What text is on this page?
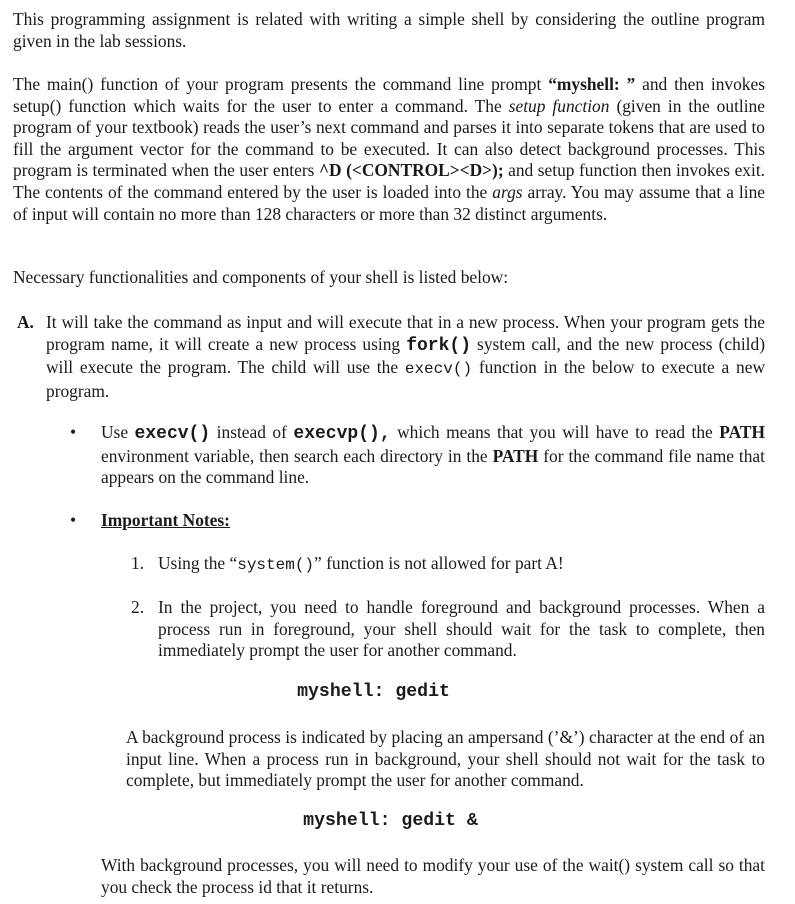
This programming assignment is related with writing a simple shell by considering the outline program given in the lab sessions.

The main() function of your program presents the command line prompt “myshell: ” and then invokes setup() function which waits for the user to enter a command. The setup function (given in the outline program of your textbook) reads the user’s next command and parses it into separate tokens that are used to fill the argument vector for the command to be executed. It can also detect background processes. This program is terminated when the user enters ^D (<CONTROL><D>); and setup function then invokes exit. The contents of the command entered by the user is loaded into the args array. You may assume that a line of input will contain no more than 128 characters or more than 32 distinct arguments.

Necessary functionalities and components of your shell is listed below:

A. It will take the command as input and will execute that in a new process. When your program gets the program name, it will create a new process using fork() system call, and the new process (child) will execute the program. The child will use the execv() function in the below to execute a new program.

• Use execv() instead of execvp(), which means that you will have to read the PATH environment variable, then search each directory in the PATH for the command file name that appears on the command line.

• Important Notes:

1. Using the “system()” function is not allowed for part A!

2. In the project, you need to handle foreground and background processes. When a process run in foreground, your shell should wait for the task to complete, then immediately prompt the user for another command.

myshell: gedit

A background process is indicated by placing an ampersand (’&’) character at the end of an input line. When a process run in background, your shell should not wait for the task to complete, but immediately prompt the user for another command.

myshell: gedit &

With background processes, you will need to modify your use of the wait() system call so that you check the process id that it returns.
